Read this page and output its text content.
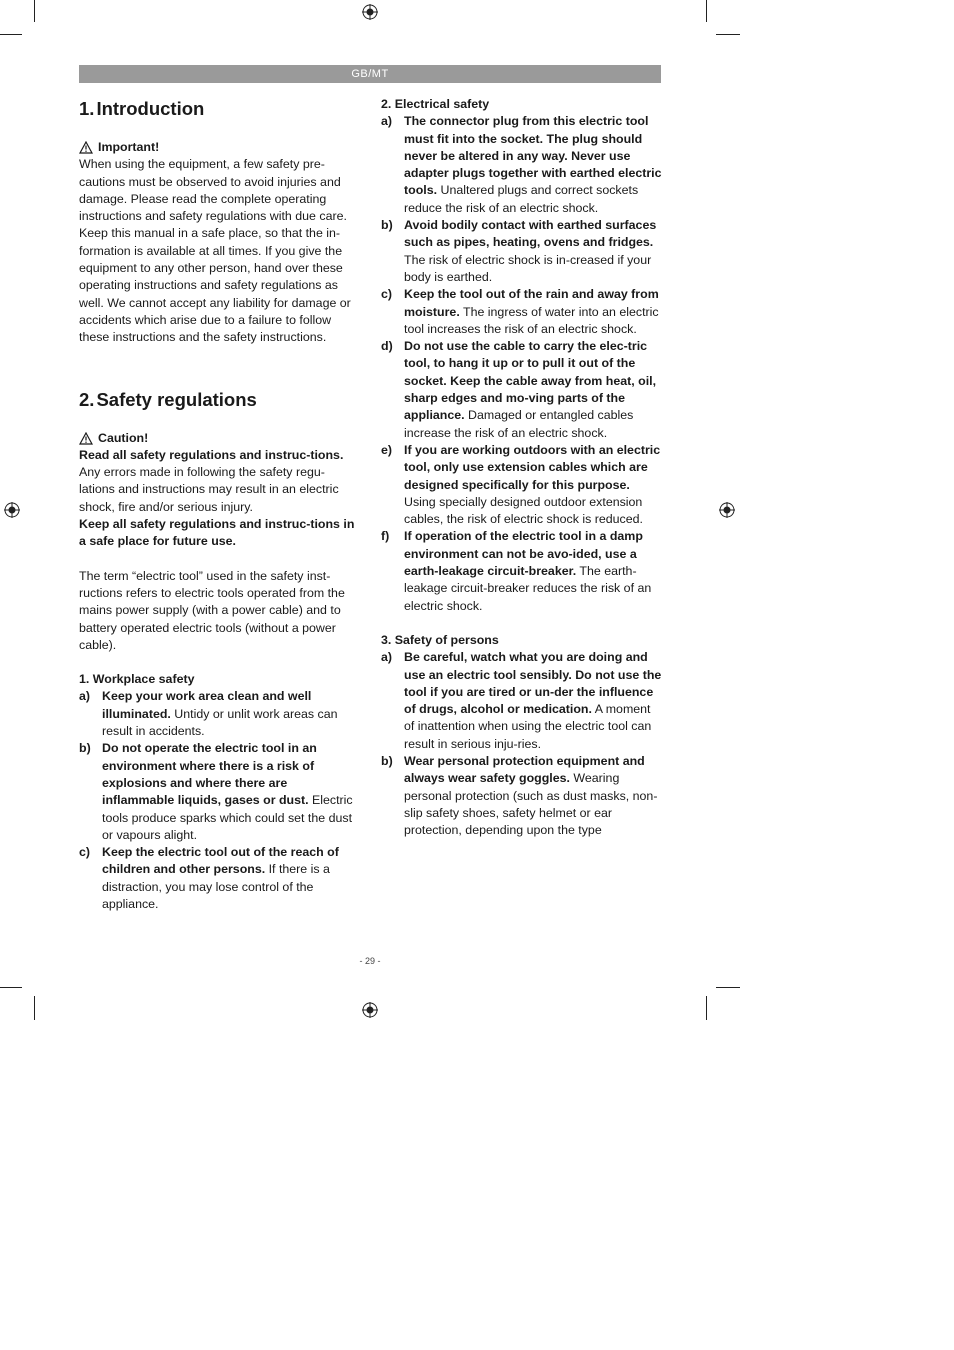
GB/MT
1. Introduction

Important!

When using the equipment, a few safety pre-cautions must be observed to avoid injuries and damage. Please read the complete operating instructions and safety regulations with due care. Keep this manual in a safe place, so that the in-formation is available at all times. If you give the equipment to any other person, hand over these operating instructions and safety regulations as well. We cannot accept any liability for damage or accidents which arise due to a failure to follow these instructions and the safety instructions.

2. Safety regulations

Caution!

Read all safety regulations and instruc-tions.

Any errors made in following the safety regu-lations and instructions may result in an electric shock, fire and/or serious injury.

Keep all safety regulations and instruc-tions in a safe place for future use.

The term “electric tool” used in the safety inst-ructions refers to electric tools operated from the mains power supply (with a power cable) and to battery operated electric tools (without a power cable).

1. Workplace safety

a) Keep your work area clean and well illuminated. Untidy or unlit work areas can result in accidents.
b) Do not operate the electric tool in an environment where there is a risk of explosions and where there are inflammable liquids, gases or dust. Electric tools produce sparks which could set the dust or vapours alight.
c) Keep the electric tool out of the reach of children and other persons. If there is a distraction, you may lose control of the appliance.

2. Electrical safety

a) The connector plug from this electric tool must fit into the socket. The plug should never be altered in any way. Never use adapter plugs together with earthed electric tools. Unaltered plugs and correct sockets reduce the risk of an electric shock.
b) Avoid bodily contact with earthed surfaces such as pipes, heating, ovens and fridges. The risk of electric shock is in-creased if your body is earthed.
c) Keep the tool out of the rain and away from moisture. The ingress of water into an electric tool increases the risk of an electric shock.
d) Do not use the cable to carry the elec-tric tool, to hang it up or to pull it out of the socket. Keep the cable away from heat, oil, sharp edges and mo-ving parts of the appliance. Damaged or entangled cables increase the risk of an electric shock.
e) If you are working outdoors with an electric tool, only use extension cables which are designed specifically for this purpose. Using specially designed outdoor extension cables, the risk of electric shock is reduced.
f)	If operation of the electric tool in a damp environment can not be avo-ided, use a earth-leakage circuit-breaker. The earth-leakage circuit-breaker reduces the risk of an electric shock.

3. Safety of persons

a) Be careful, watch what you are doing and use an electric tool sensibly. Do not use the tool if you are tired or un-der the influence of drugs, alcohol or medication. A moment of inattention when using the electric tool can result in serious inju-ries.
b) Wear personal protection equipment and always wear safety goggles. Wearing personal protection (such as dust masks, non-slip safety shoes, safety helmet or ear protection, depending upon the type
- 29 -
